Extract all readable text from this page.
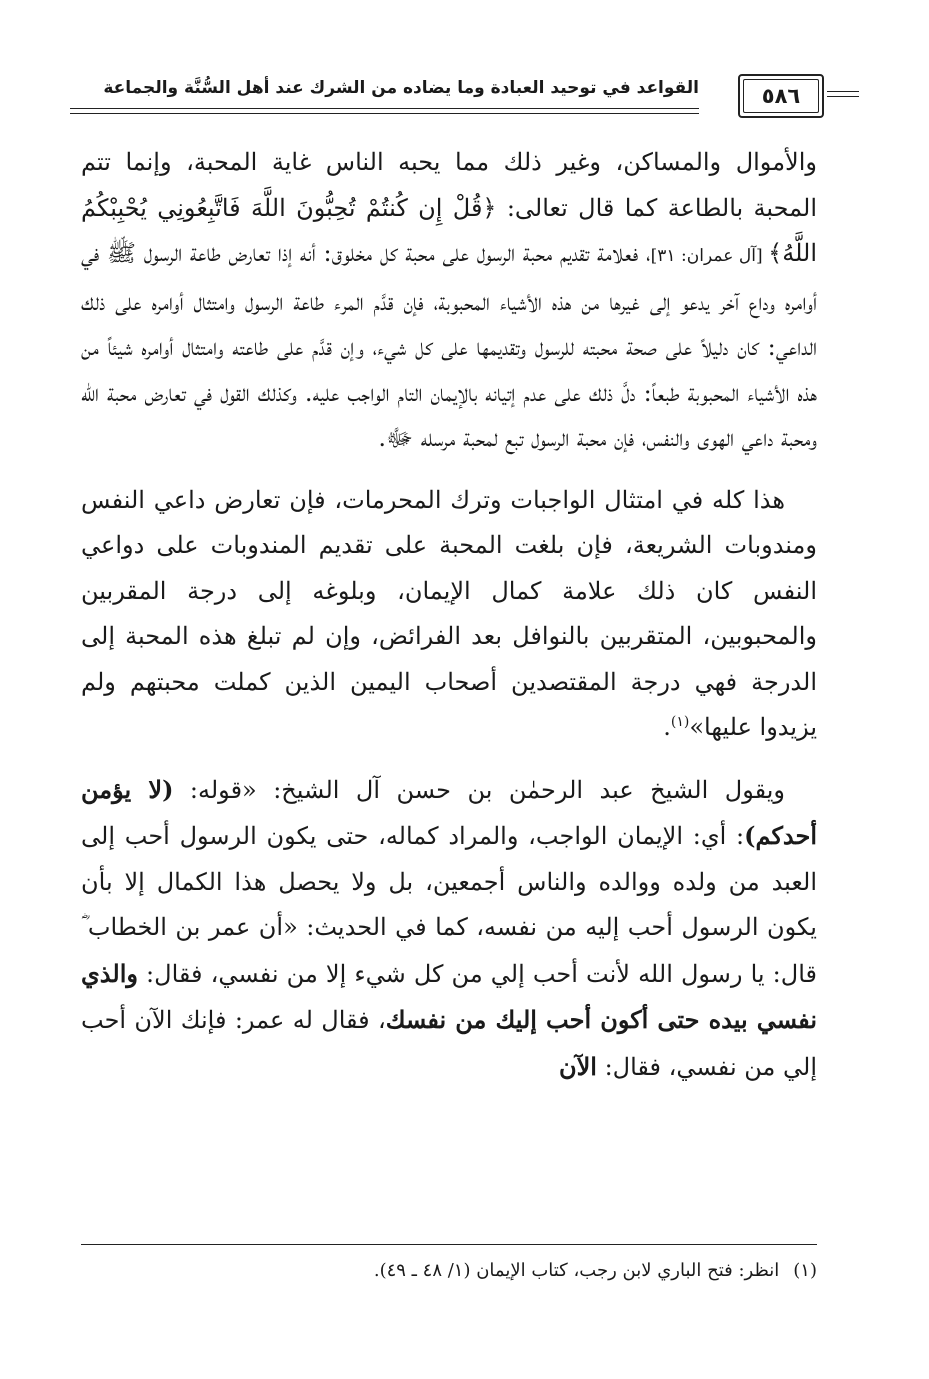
٥٨٦
القواعد في توحيد العبادة وما يضاده من الشرك عند أهل السُّنَّة والجماعة

والأموال والمساكن، وغير ذلك مما يحبه الناس غاية المحبة، وإنما تتم المحبة بالطاعة كما قال تعالى: ﴿قُلْ إِن كُنتُمْ تُحِبُّونَ اللَّهَ فَاتَّبِعُونِي يُحْبِبْكُمُ اللَّهُ﴾ [آل عمران: ٣١]، فعلامة تقديم محبة الرسول على محبة كل مخلوق: أنه إذا تعارض طاعة الرسول ﷺ في أوامره وداع آخر يدعو إلى غيرها من هذه الأشياء المحبوبة، فإن قدَّم المرء طاعة الرسول وامتثال أوامره على ذلك الداعي: كان دليلاً على صحة محبته للرسول وتقديمها على كل شيء، وإن قدَّم على طاعته وامتثال أوامره شيئاً من هذه الأشياء المحبوبة طبعاً: دلَّ ذلك على عدم إتيانه بالإيمان التام الواجب عليه. وكذلك القول في تعارض محبة الله ومحبة داعي الهوى والنفس، فإن محبة الرسول تبع لمحبة مرسله ﷻ.

هذا كله في امتثال الواجبات وترك المحرمات، فإن تعارض داعي النفس ومندوبات الشريعة، فإن بلغت المحبة على تقديم المندوبات على دواعي النفس كان ذلك علامة كمال الإيمان، وبلوغه إلى درجة المقربين والمحبوبين، المتقربين بالنوافل بعد الفرائض، وإن لم تبلغ هذه المحبة إلى الدرجة فهي درجة المقتصدين أصحاب اليمين الذين كملت محبتهم ولم يزيدوا عليها»$^{(١)}$.

ويقول الشيخ عبد الرحمٰن بن حسن آل الشيخ: «قوله: (لا يؤمن أحدكم): أي: الإيمان الواجب، والمراد كماله، حتى يكون الرسول أحب إلى العبد من ولده ووالده والناس أجمعين، بل ولا يحصل هذا الكمال إلا بأن يكون الرسول أحب إليه من نفسه، كما في الحديث: «أن عمر بن الخطاب ؓ قال: يا رسول الله لأنت أحب إلي من كل شيء إلا من نفسي، فقال: والذي نفسي بيده حتى أكون أحب إليك من نفسك، فقال له عمر: فإنك الآن أحب إلي من نفسي، فقال: الآن

(١)انظر: فتح الباري لابن رجب، كتاب الإيمان (١/ ٤٨ ـ ٤٩).
